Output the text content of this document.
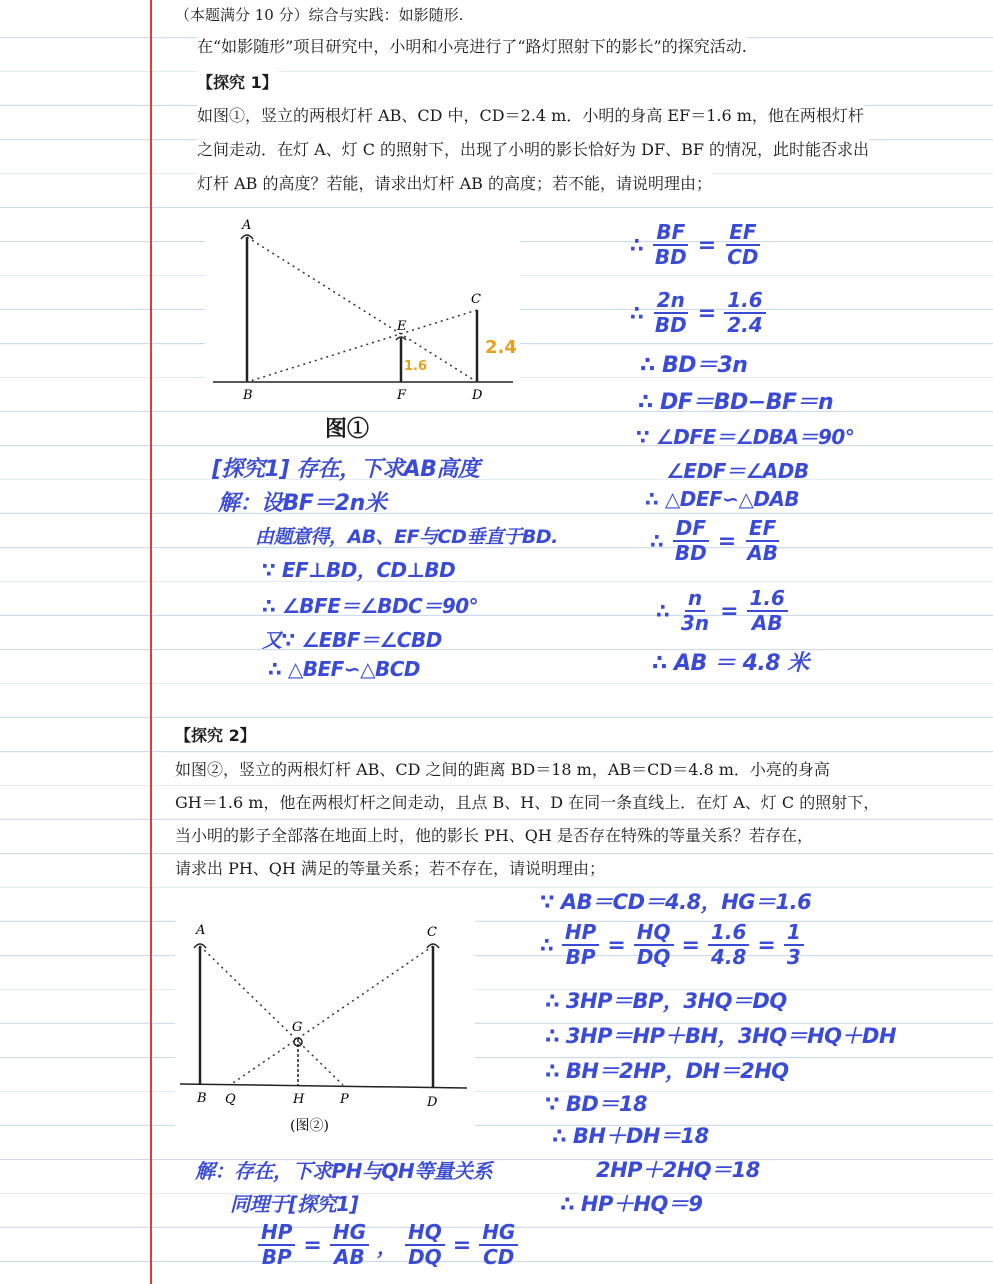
（本题满分 10 分）综合与实践：如影随形.
在“如影随形”项目研究中，小明和小亮进行了“路灯照射下的影长”的探究活动.
【探究 1】
如图①，竖立的两根灯杆 AB、CD 中，CD＝2.4 m．小明的身高 EF＝1.6 m，他在两根灯杆
之间走动．在灯 A、灯 C 的照射下，出现了小明的影长恰好为 DF、BF 的情况，此时能否求出
灯杆 AB 的高度？若能，请求出灯杆 AB 的高度；若不能，请说明理由；
A
B
C
D
E
F
2.4
1.6
图①
[探究1] 存在，下求AB高度
解：设BF＝2n米
由题意得，AB、EF与CD垂直于BD.
∵ EF⊥BD，CD⊥BD
∴ ∠BFE＝∠BDC＝90°
又∵ ∠EBF＝∠CBD
∴ △BEF∽△BCD
∴ $\frac{BF}{BD} = \frac{EF}{CD}$
∴ $\frac{2n}{BD} = \frac{1.6}{2.4}$
∴ BD＝3n
∴ DF＝BD−BF＝n
∵ ∠DFE＝∠DBA＝90°
∠EDF＝∠ADB
∴ △DEF∽△DAB
∴ $\frac{DF}{BD} = \frac{EF}{AB}$
∴ $\frac{n}{3n} = \frac{1.6}{AB}$
∴ AB ＝ 4.8 米
【探究 2】
如图②，竖立的两根灯杆 AB、CD 之间的距离 BD＝18 m，AB＝CD＝4.8 m．小亮的身高
GH＝1.6 m，他在两根灯杆之间走动，且点 B、H、D 在同一条直线上．在灯 A、灯 C 的照射下，
当小明的影子全部落在地面上时，他的影长 PH、QH 是否存在特殊的等量关系？若存在，
请求出 PH、QH 满足的等量关系；若不存在，请说明理由；
A
B
C
D
G
H	P
Q
(图②)
∵ AB＝CD＝4.8，HG＝1.6
∴ $\frac{HP}{BP} = \frac{HQ}{DQ} = \frac{1.6}{4.8} = \frac{1}{3}$
∴ 3HP＝BP，3HQ＝DQ
∴ 3HP＝HP＋BH，3HQ＝HQ＋DH
∴ BH＝2HP，DH＝2HQ
∵ BD＝18
∴ BH＋DH＝18
2HP＋2HQ＝18
∴ HP＋HQ＝9
解：存在，下求PH与QH等量关系
同理于[探究1]
$\frac{HP}{BP} = \frac{HG}{AB}$ ， $\frac{HQ}{DQ} = \frac{HG}{CD}$
